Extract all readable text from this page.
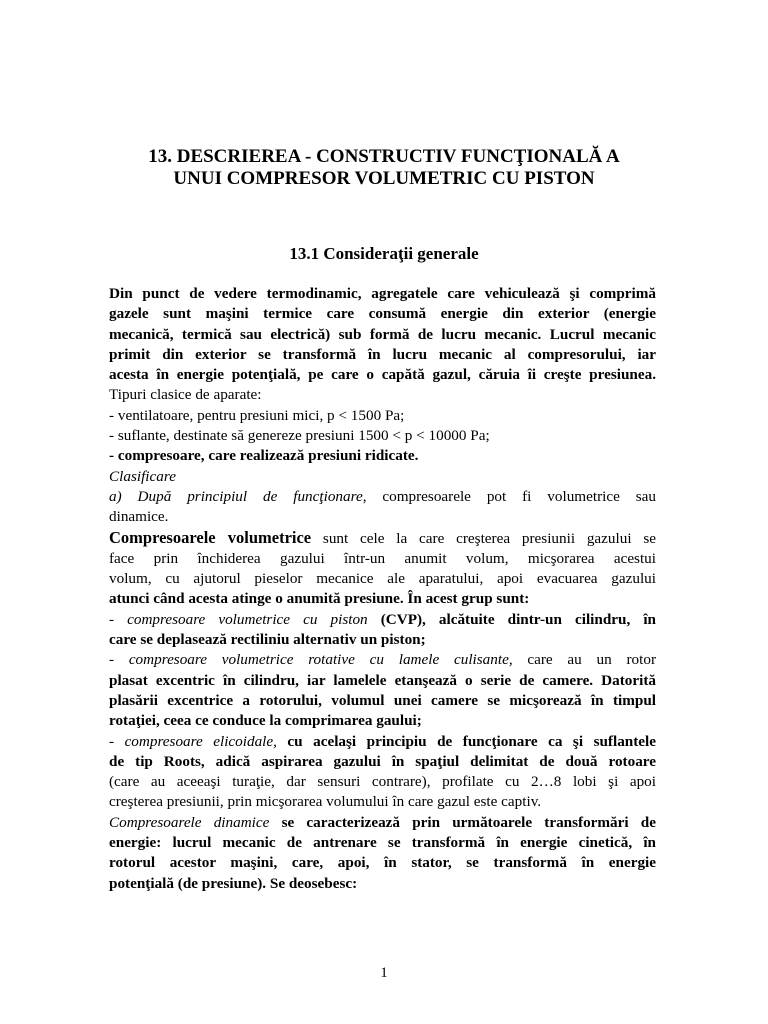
13. DESCRIEREA - CONSTRUCTIV FUNCŢIONALĂ A
UNUI COMPRESOR VOLUMETRIC CU PISTON
13.1 Consideraţii generale

Din punct de vedere termodinamic, agregatele care vehiculează şi comprimă

gazele sunt maşini termice care consumă energie din exterior (energie

mecanică, termică sau electrică) sub formă de lucru mecanic. Lucrul mecanic

primit din exterior se transformă în lucru mecanic al compresorului, iar

acesta în energie potenţială, pe care o capătă gazul, căruia îi creşte presiunea.

Tipuri clasice de aparate:

- ventilatoare, pentru presiuni mici, p < 1500 Pa;

- suflante, destinate să genereze presiuni 1500 < p < 10000 Pa;

- compresoare, care realizează presiuni ridicate.

Clasificare

a) După principiul de funcţionare, compresoarele pot fi volumetrice sau

dinamice.

Compresoarele volumetrice sunt cele la care creşterea presiunii gazului se

face prin închiderea gazului într-un anumit volum, micşorarea acestui

volum, cu ajutorul pieselor mecanice ale aparatului, apoi evacuarea gazului

atunci când acesta atinge o anumită presiune. În acest grup sunt:

- compresoare volumetrice cu piston (CVP), alcătuite dintr-un cilindru, în

care se deplasează rectiliniu alternativ un piston;

- compresoare volumetrice rotative cu lamele culisante, care au un rotor

plasat excentric în cilindru, iar lamelele etanşează o serie de camere. Datorită

plasării excentrice a rotorului, volumul unei camere se micşorează în timpul

rotaţiei, ceea ce conduce la comprimarea gaului;

- compresoare elicoidale, cu acelaşi principiu de funcţionare ca şi suflantele

de tip Roots, adică aspirarea gazului în spaţiul delimitat de două rotoare

(care au aceeaşi turaţie, dar sensuri contrare), profilate cu 2…8 lobi şi apoi

creşterea presiunii, prin micşorarea volumului în care gazul este captiv.

Compresoarele dinamice se caracterizează prin următoarele transformări de

energie: lucrul mecanic de antrenare se transformă în energie cinetică, în

rotorul acestor maşini, care, apoi, în stator, se transformă în energie

potenţială (de presiune). Se deosebesc:

1
